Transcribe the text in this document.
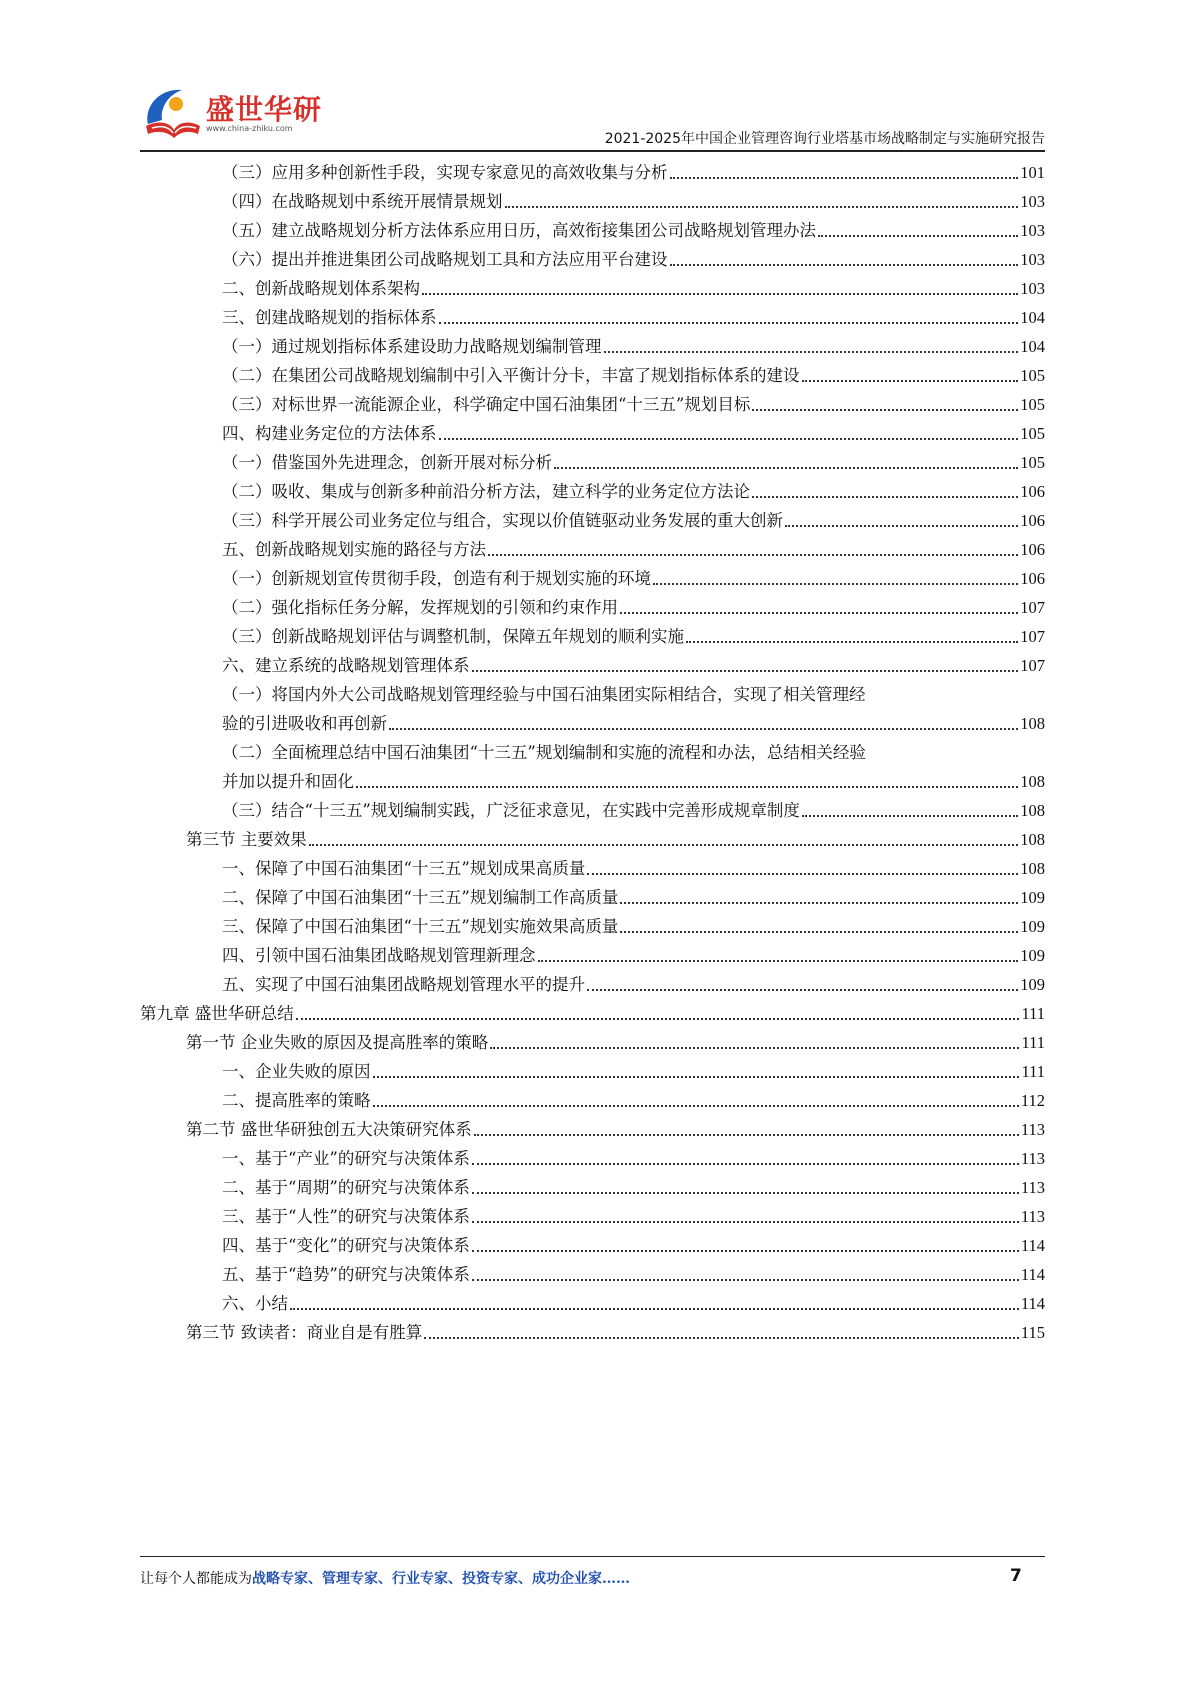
盛世华研
www.china-zhiku.com
2021-2025年中国企业管理咨询行业塔基市场战略制定与实施研究报告
（三）应用多种创新性手段，实现专家意见的高效收集与分析	101
（四）在战略规划中系统开展情景规划	103
（五）建立战略规划分析方法体系应用日历，高效衔接集团公司战略规划管理办法	103
（六）提出并推进集团公司战略规划工具和方法应用平台建设	103
二、创新战略规划体系架构	103
三、创建战略规划的指标体系	104
（一）通过规划指标体系建设助力战略规划编制管理	104
（二）在集团公司战略规划编制中引入平衡计分卡，丰富了规划指标体系的建设	105
（三）对标世界一流能源企业，科学确定中国石油集团“十三五”规划目标	105
四、构建业务定位的方法体系	105
（一）借鉴国外先进理念，创新开展对标分析	105
（二）吸收、集成与创新多种前沿分析方法，建立科学的业务定位方法论	106
（三）科学开展公司业务定位与组合，实现以价值链驱动业务发展的重大创新	106
五、创新战略规划实施的路径与方法	106
（一）创新规划宣传贯彻手段，创造有利于规划实施的环境	106
（二）强化指标任务分解，发挥规划的引领和约束作用	107
（三）创新战略规划评估与调整机制，保障五年规划的顺利实施	107
六、建立系统的战略规划管理体系	107
（一）将国内外大公司战略规划管理经验与中国石油集团实际相结合，实现了相关管理经
验的引进吸收和再创新	108
（二）全面梳理总结中国石油集团“十三五”规划编制和实施的流程和办法，总结相关经验
并加以提升和固化	108
（三）结合“十三五”规划编制实践，广泛征求意见，在实践中完善形成规章制度	108
第三节 主要效果	108
一、保障了中国石油集团“十三五”规划成果高质量	108
二、保障了中国石油集团“十三五”规划编制工作高质量	109
三、保障了中国石油集团“十三五”规划实施效果高质量	109
四、引领中国石油集团战略规划管理新理念	109
五、实现了中国石油集团战略规划管理水平的提升	109
第九章 盛世华研总结	111
第一节 企业失败的原因及提高胜率的策略	111
一、企业失败的原因	111
二、提高胜率的策略	112
第二节 盛世华研独创五大决策研究体系	113
一、基于“产业”的研究与决策体系	113
二、基于“周期”的研究与决策体系	113
三、基于“人性”的研究与决策体系	113
四、基于“变化”的研究与决策体系	114
五、基于“趋势”的研究与决策体系	114
六、小结	114
第三节 致读者：商业自是有胜算	115
让每个人都能成为战略专家、管理专家、行业专家、投资专家、成功企业家……	7
